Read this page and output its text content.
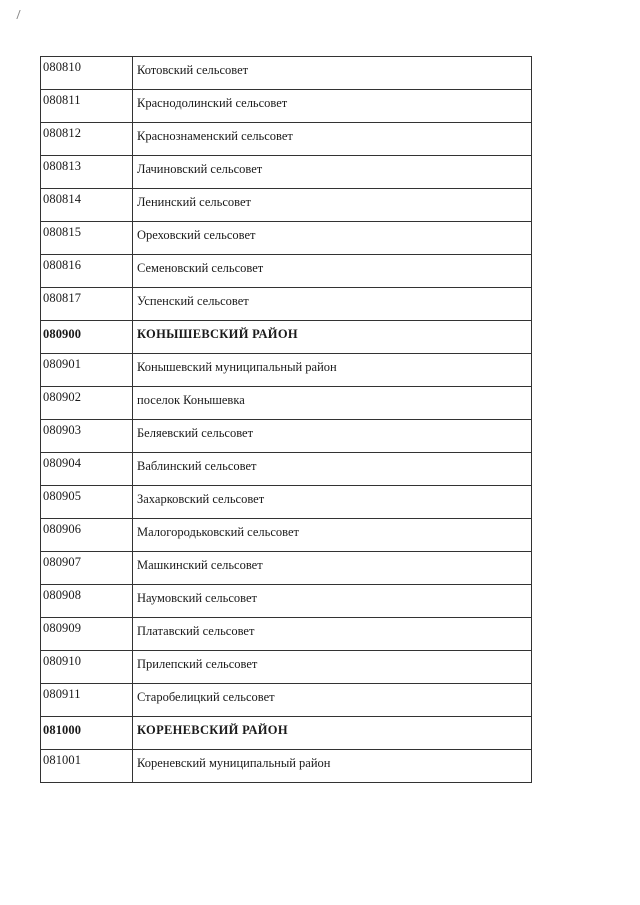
080810	Котовский сельсовет
080811	Краснодолинский сельсовет
080812	Краснознаменский сельсовет
080813	Лачиновский сельсовет
080814	Ленинский сельсовет
080815	Ореховский сельсовет
080816	Семеновский сельсовет
080817	Успенский сельсовет
080900	КОНЫШЕВСКИЙ РАЙОН
080901	Конышевский муниципальный район
080902	поселок Конышевка
080903	Беляевский сельсовет
080904	Ваблинский сельсовет
080905	Захарковский сельсовет
080906	Малогородьковский сельсовет
080907	Машкинский сельсовет
080908	Наумовский сельсовет
080909	Платавский сельсовет
080910	Прилепский сельсовет
080911	Старобелицкий сельсовет
081000	КОРЕНЕВСКИЙ РАЙОН
081001	Кореневский муниципальный район
